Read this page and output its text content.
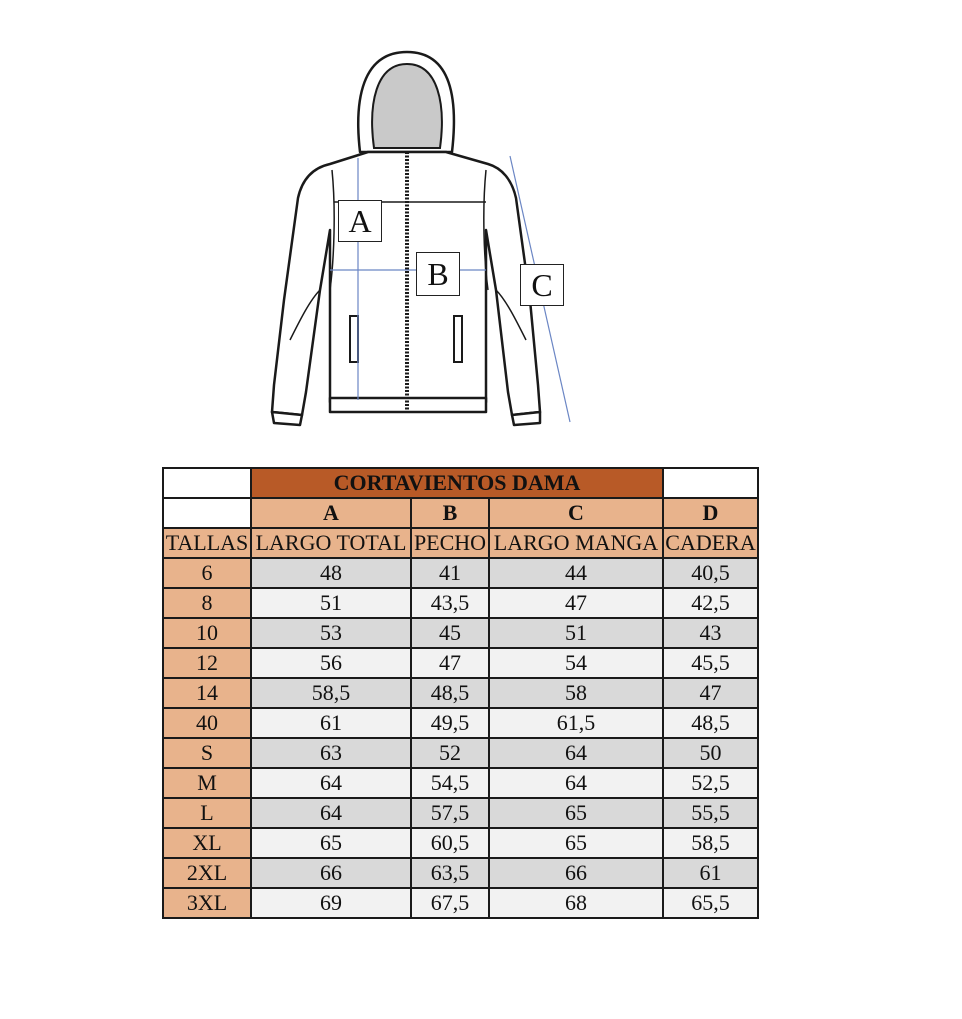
A
B	C
	CORTAVIENTOS DAMA			
	A	B	C	D
TALLAS	LARGO TOTAL	PECHO	LARGO MANGA	CADERA
6	48	41	44	40,5
8	51	43,5	47	42,5
10	53	45	51	43
12	56	47	54	45,5
14	58,5	48,5	58	47
40	61	49,5	61,5	48,5
S	63	52	64	50
M	64	54,5	64	52,5
L	64	57,5	65	55,5
XL	65	60,5	65	58,5
2XL	66	63,5	66	61
3XL	69	67,5	68	65,5
